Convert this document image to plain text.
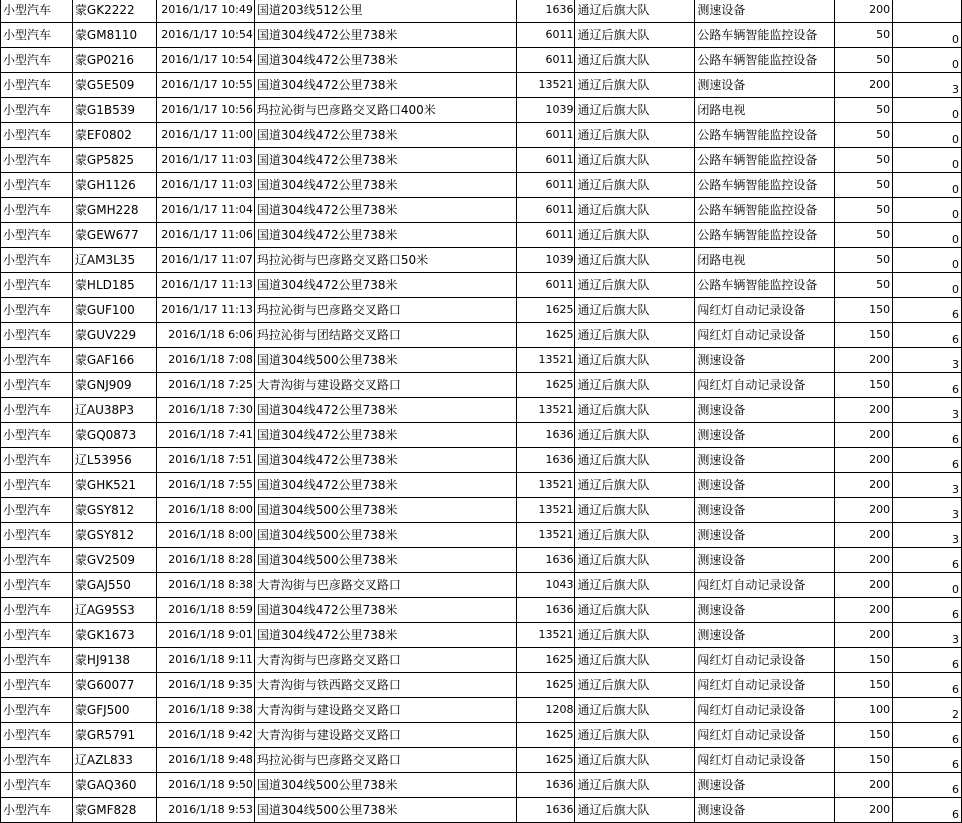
小型汽车	蒙GK2222	2016/1/17 10:49	国道203线512公里	1636	通辽后旗大队	测速设备	200	
小型汽车	蒙GM8110	2016/1/17 10:54	国道304线472公里738米	6011	通辽后旗大队	公路车辆智能监控设备	50	0
小型汽车	蒙GP0216	2016/1/17 10:54	国道304线472公里738米	6011	通辽后旗大队	公路车辆智能监控设备	50	0
小型汽车	蒙G5E509	2016/1/17 10:55	国道304线472公里738米	13521	通辽后旗大队	测速设备	200	3
小型汽车	蒙G1B539	2016/1/17 10:56	玛拉沁街与巴彦路交叉路口400米	1039	通辽后旗大队	闭路电视	50	0
小型汽车	蒙EF0802	2016/1/17 11:00	国道304线472公里738米	6011	通辽后旗大队	公路车辆智能监控设备	50	0
小型汽车	蒙GP5825	2016/1/17 11:03	国道304线472公里738米	6011	通辽后旗大队	公路车辆智能监控设备	50	0
小型汽车	蒙GH1126	2016/1/17 11:03	国道304线472公里738米	6011	通辽后旗大队	公路车辆智能监控设备	50	0
小型汽车	蒙GMH228	2016/1/17 11:04	国道304线472公里738米	6011	通辽后旗大队	公路车辆智能监控设备	50	0
小型汽车	蒙GEW677	2016/1/17 11:06	国道304线472公里738米	6011	通辽后旗大队	公路车辆智能监控设备	50	0
小型汽车	辽AM3L35	2016/1/17 11:07	玛拉沁街与巴彦路交叉路口50米	1039	通辽后旗大队	闭路电视	50	0
小型汽车	蒙HLD185	2016/1/17 11:13	国道304线472公里738米	6011	通辽后旗大队	公路车辆智能监控设备	50	0
小型汽车	蒙GUF100	2016/1/17 11:13	玛拉沁街与巴彦路交叉路口	1625	通辽后旗大队	闯红灯自动记录设备	150	6
小型汽车	蒙GUV229	2016/1/18 6:06	玛拉沁街与团结路交叉路口	1625	通辽后旗大队	闯红灯自动记录设备	150	6
小型汽车	蒙GAF166	2016/1/18 7:08	国道304线500公里738米	13521	通辽后旗大队	测速设备	200	3
小型汽车	蒙GNJ909	2016/1/18 7:25	大青沟街与建设路交叉路口	1625	通辽后旗大队	闯红灯自动记录设备	150	6
小型汽车	辽AU38P3	2016/1/18 7:30	国道304线472公里738米	13521	通辽后旗大队	测速设备	200	3
小型汽车	蒙GQ0873	2016/1/18 7:41	国道304线472公里738米	1636	通辽后旗大队	测速设备	200	6
小型汽车	辽L53956	2016/1/18 7:51	国道304线472公里738米	1636	通辽后旗大队	测速设备	200	6
小型汽车	蒙GHK521	2016/1/18 7:55	国道304线472公里738米	13521	通辽后旗大队	测速设备	200	3
小型汽车	蒙GSY812	2016/1/18 8:00	国道304线500公里738米	13521	通辽后旗大队	测速设备	200	3
小型汽车	蒙GSY812	2016/1/18 8:00	国道304线500公里738米	13521	通辽后旗大队	测速设备	200	3
小型汽车	蒙GV2509	2016/1/18 8:28	国道304线500公里738米	1636	通辽后旗大队	测速设备	200	6
小型汽车	蒙GAJ550	2016/1/18 8:38	大青沟街与巴彦路交叉路口	1043	通辽后旗大队	闯红灯自动记录设备	200	0
小型汽车	辽AG95S3	2016/1/18 8:59	国道304线472公里738米	1636	通辽后旗大队	测速设备	200	6
小型汽车	蒙GK1673	2016/1/18 9:01	国道304线472公里738米	13521	通辽后旗大队	测速设备	200	3
小型汽车	蒙HJ9138	2016/1/18 9:11	大青沟街与巴彦路交叉路口	1625	通辽后旗大队	闯红灯自动记录设备	150	6
小型汽车	蒙G60077	2016/1/18 9:35	大青沟街与铁西路交叉路口	1625	通辽后旗大队	闯红灯自动记录设备	150	6
小型汽车	蒙GFJ500	2016/1/18 9:38	大青沟街与建设路交叉路口	1208	通辽后旗大队	闯红灯自动记录设备	100	2
小型汽车	蒙GR5791	2016/1/18 9:42	大青沟街与建设路交叉路口	1625	通辽后旗大队	闯红灯自动记录设备	150	6
小型汽车	辽AZL833	2016/1/18 9:48	玛拉沁街与巴彦路交叉路口	1625	通辽后旗大队	闯红灯自动记录设备	150	6
小型汽车	蒙GAQ360	2016/1/18 9:50	国道304线500公里738米	1636	通辽后旗大队	测速设备	200	6
小型汽车	蒙GMF828	2016/1/18 9:53	国道304线500公里738米	1636	通辽后旗大队	测速设备	200	6
